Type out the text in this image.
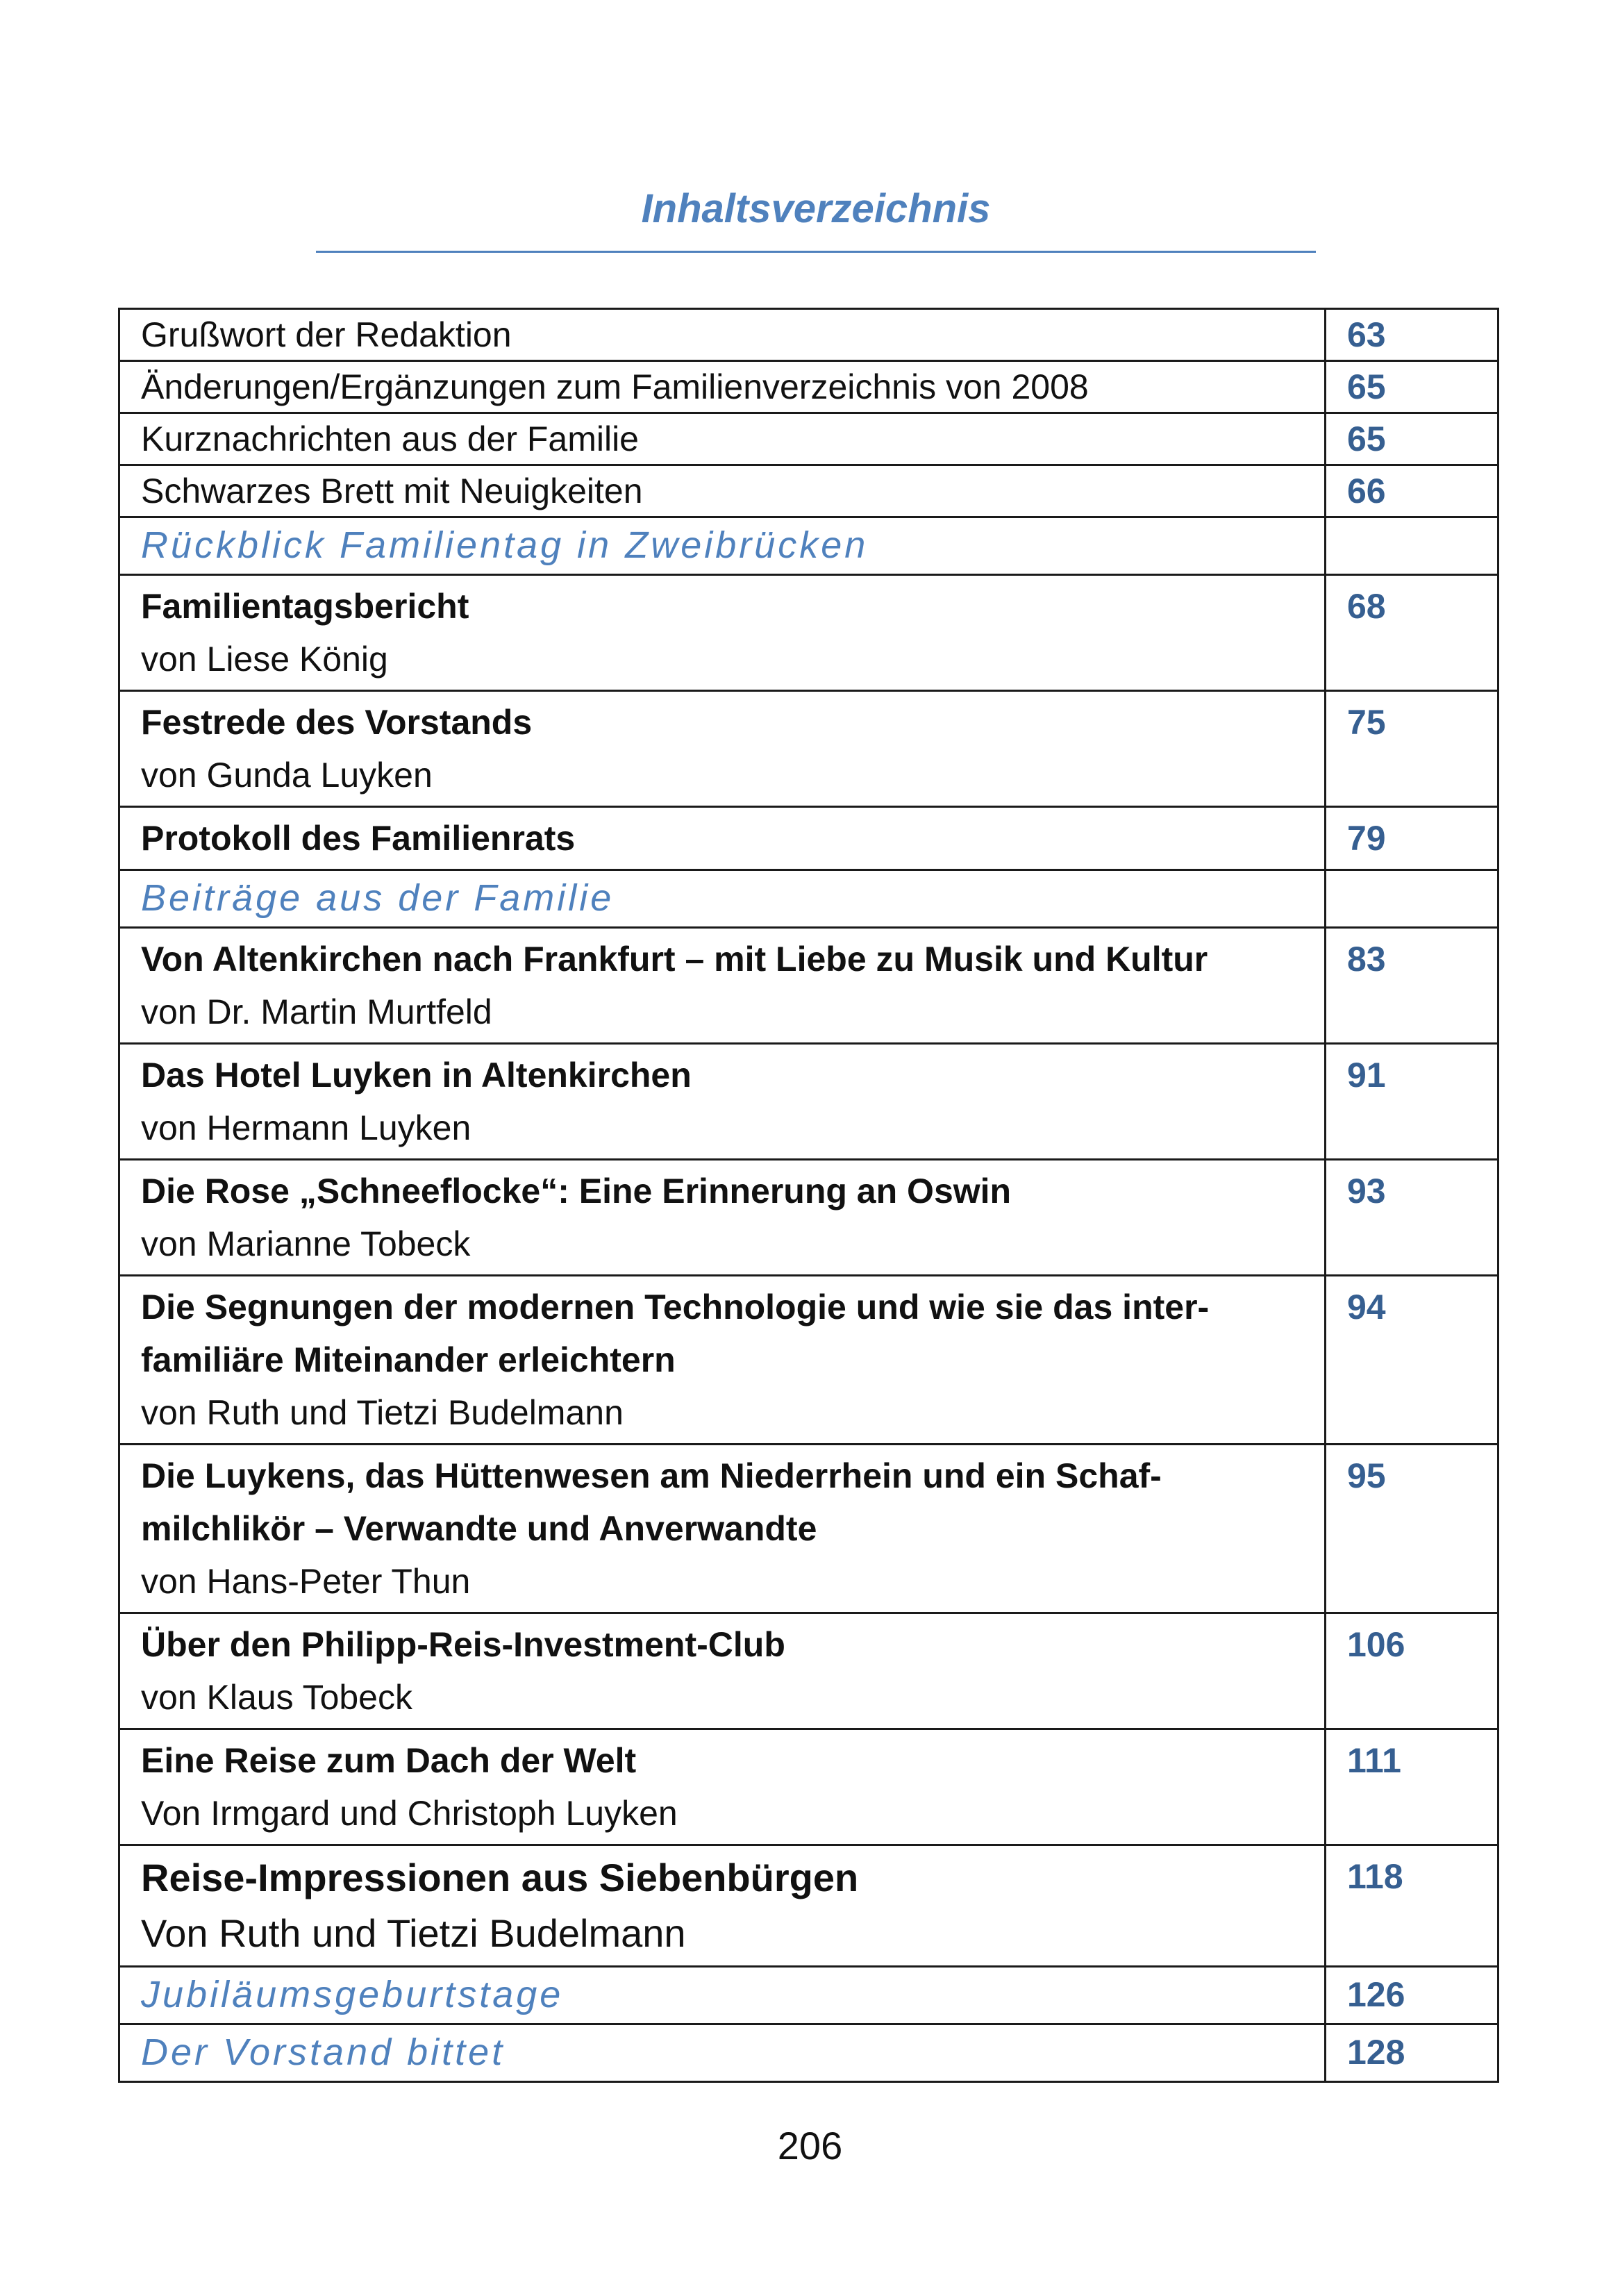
Inhaltsverzeichnis
Grußwort der Redaktion	63
Änderungen/Ergänzungen zum Familienverzeichnis von 2008	65
Kurznachrichten aus der Familie	65
Schwarzes Brett mit Neuigkeiten	66
Rückblick Familientag in Zweibrücken	

Familientagsbericht
von Liese König	68

Festrede des Vorstands
von Gunda Luyken	75

Protokoll des Familienrats	79
Beiträge aus der Familie	

Von Altenkirchen nach Frankfurt – mit Liebe zu Musik und Kultur
von Dr. Martin Murtfeld	83

Das Hotel Luyken in Altenkirchen
von Hermann Luyken	91

Die Rose „Schneeflocke“: Eine Erinnerung an Oswin
von Marianne Tobeck	93

Die Segnungen der modernen Technologie und wie sie das inter-
familiäre Miteinander erleichtern
von Ruth und Tietzi Budelmann	94

Die Luykens, das Hüttenwesen am Niederrhein und ein Schaf-
milchlikör – Verwandte und Anverwandte
von Hans-Peter Thun	95

Über den Philipp-Reis-Investment-Club
von Klaus Tobeck	106

Eine Reise zum Dach der Welt
Von Irmgard und Christoph Luyken	111

Reise-Impressionen aus Siebenbürgen
Von Ruth und Tietzi Budelmann	118
Jubiläumsgeburtstage	126
Der Vorstand bittet	128
206
